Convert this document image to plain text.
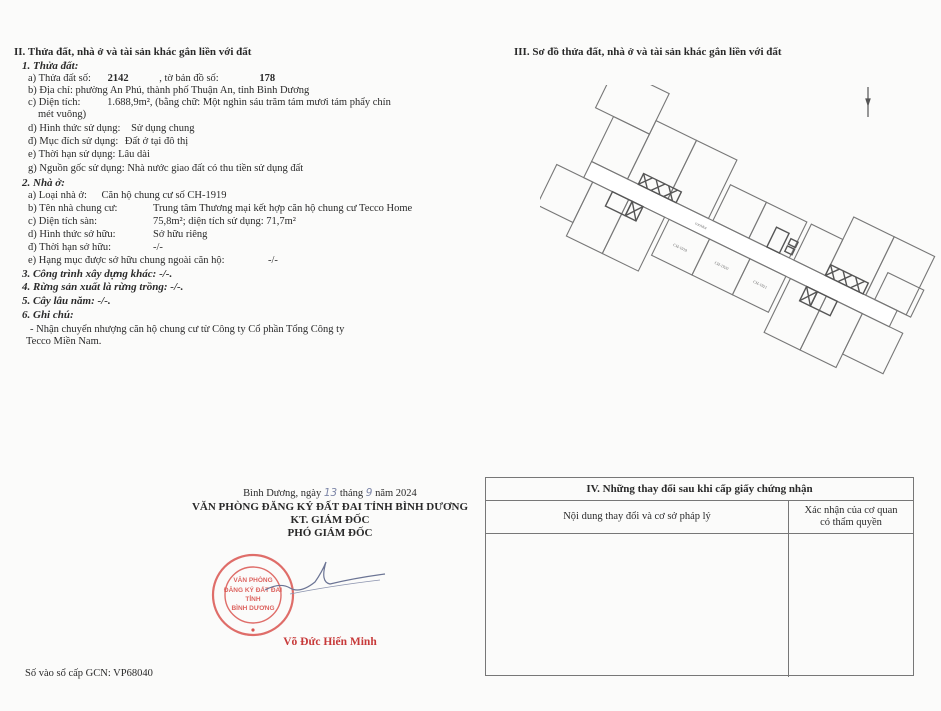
II. Thửa đất, nhà ở và tài sản khác gắn liền với đất
1. Thửa đất:
a) Thửa đất số: 2142	, tờ bản đồ số:	178
b) Địa chỉ: phường An Phú, thành phố Thuận An, tỉnh Bình Dương
c) Diện tích:	1.688,9m², (bằng chữ: Một nghìn sáu trăm tám mươi tám phẩy chín
mét vuông)
d) Hình thức sử dụng: Sử dụng chung
đ) Mục đích sử dụng: Đất ở tại đô thị
e) Thời hạn sử dụng: Lâu dài
g) Nguồn gốc sử dụng: Nhà nước giao đất có thu tiền sử dụng đất
2. Nhà ở:
a) Loại nhà ở: Căn hộ chung cư số CH-1919
b) Tên nhà chung cư:	Trung tâm Thương mại kết hợp căn hộ chung cư Tecco Home
c) Diện tích sàn:	75,8m²; diện tích sử dụng: 71,7m²
d) Hình thức sở hữu:	Sở hữu riêng
đ) Thời hạn sở hữu:	-/-
e) Hạng mục được sở hữu chung ngoài căn hộ:	-/-
3. Công trình xây dựng khác: -/-.
4. Rừng sản xuất là rừng trồng: -/-.
5. Cây lâu năm: -/-.
6. Ghi chú:
- Nhận chuyển nhượng căn hộ chung cư từ Công ty Cổ phần Tổng Công ty
Tecco Miền Nam.
III. Sơ đồ thửa đất, nhà ở và tài sản khác gắn liền với đất
CH-1919
CH-1920
CH-1921
corridor
Bình Dương, ngày 13 tháng 9 năm 2024
VĂN PHÒNG ĐĂNG KÝ ĐẤT ĐAI TỈNH BÌNH DƯƠNG
KT. GIÁM ĐỐC
PHÓ GIÁM ĐỐC
VĂN PHÒNG
ĐĂNG KÝ ĐẤT ĐAI
TỈNH
BÌNH DƯƠNG
Võ Đức Hiến Minh
IV. Những thay đổi sau khi cấp giấy chứng nhận
Nội dung thay đổi và cơ sở pháp lý
Xác nhận của cơ quan
có thẩm quyền
Số vào sổ cấp GCN: VP68040
